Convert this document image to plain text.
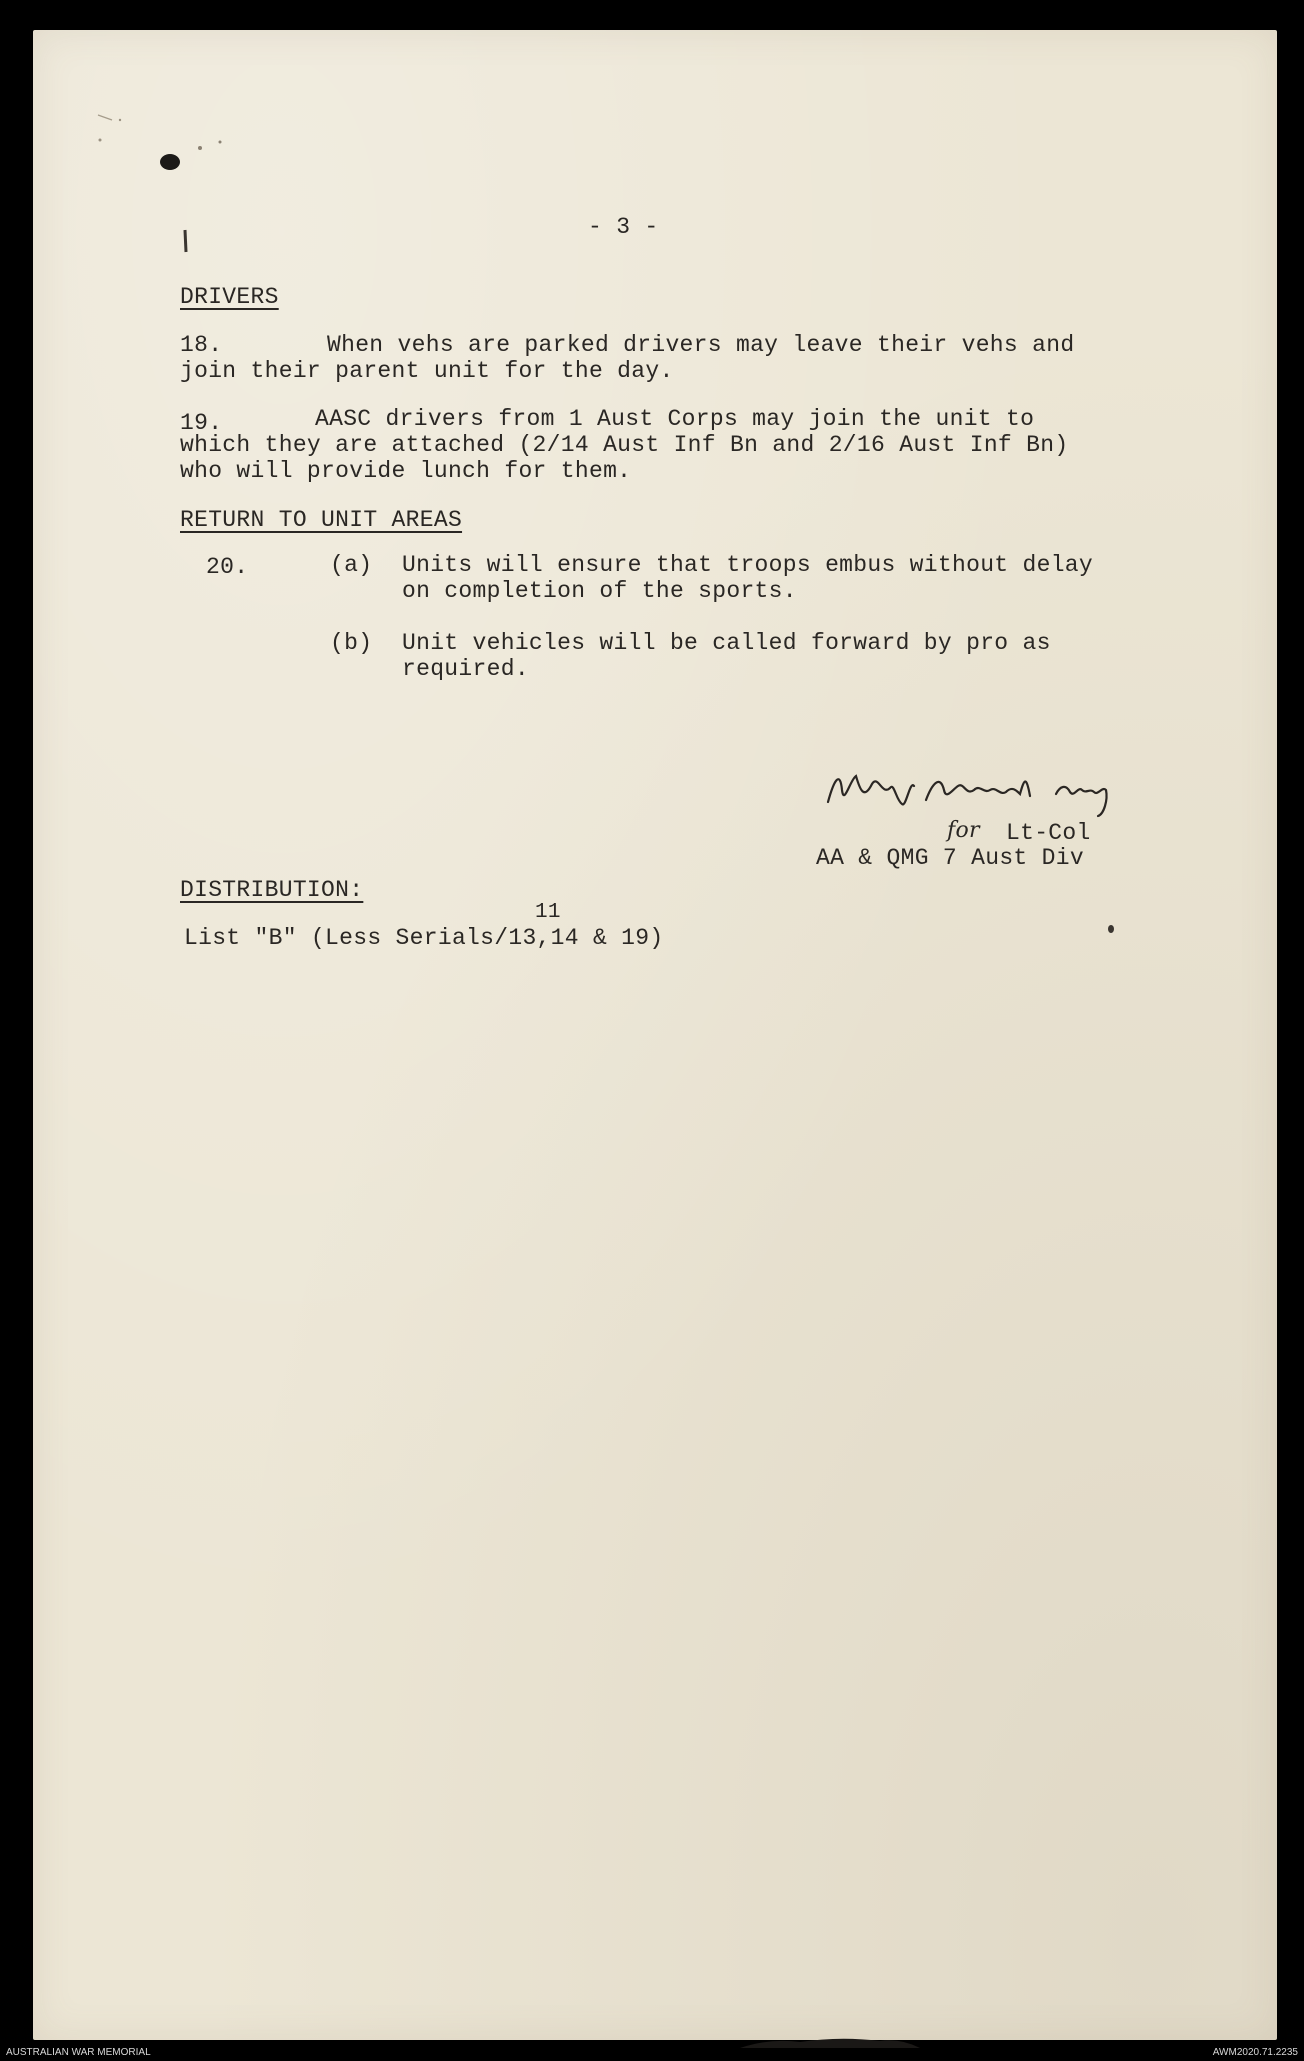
- 3 -
DRIVERS
18.	When vehs are parked drivers may leave their vehs and
join their parent unit for the day.
19.	AASC drivers from 1 Aust Corps may join the unit to
which they are attached (2/14 Aust Inf Bn and 2/16 Aust Inf Bn)
who will provide lunch for them.
RETURN TO UNIT AREAS
20.	(a) Units will ensure that troops embus without delay
on completion of the sports.
(b) Unit vehicles will be called forward by pro as
required.
for Lt-Col
AA & QMG 7 Aust Div
DISTRIBUTION:
11
List "B" (Less Serials/13,14 & 19)
AUSTRALIAN WAR MEMORIAL	AWM2020.71.2235
